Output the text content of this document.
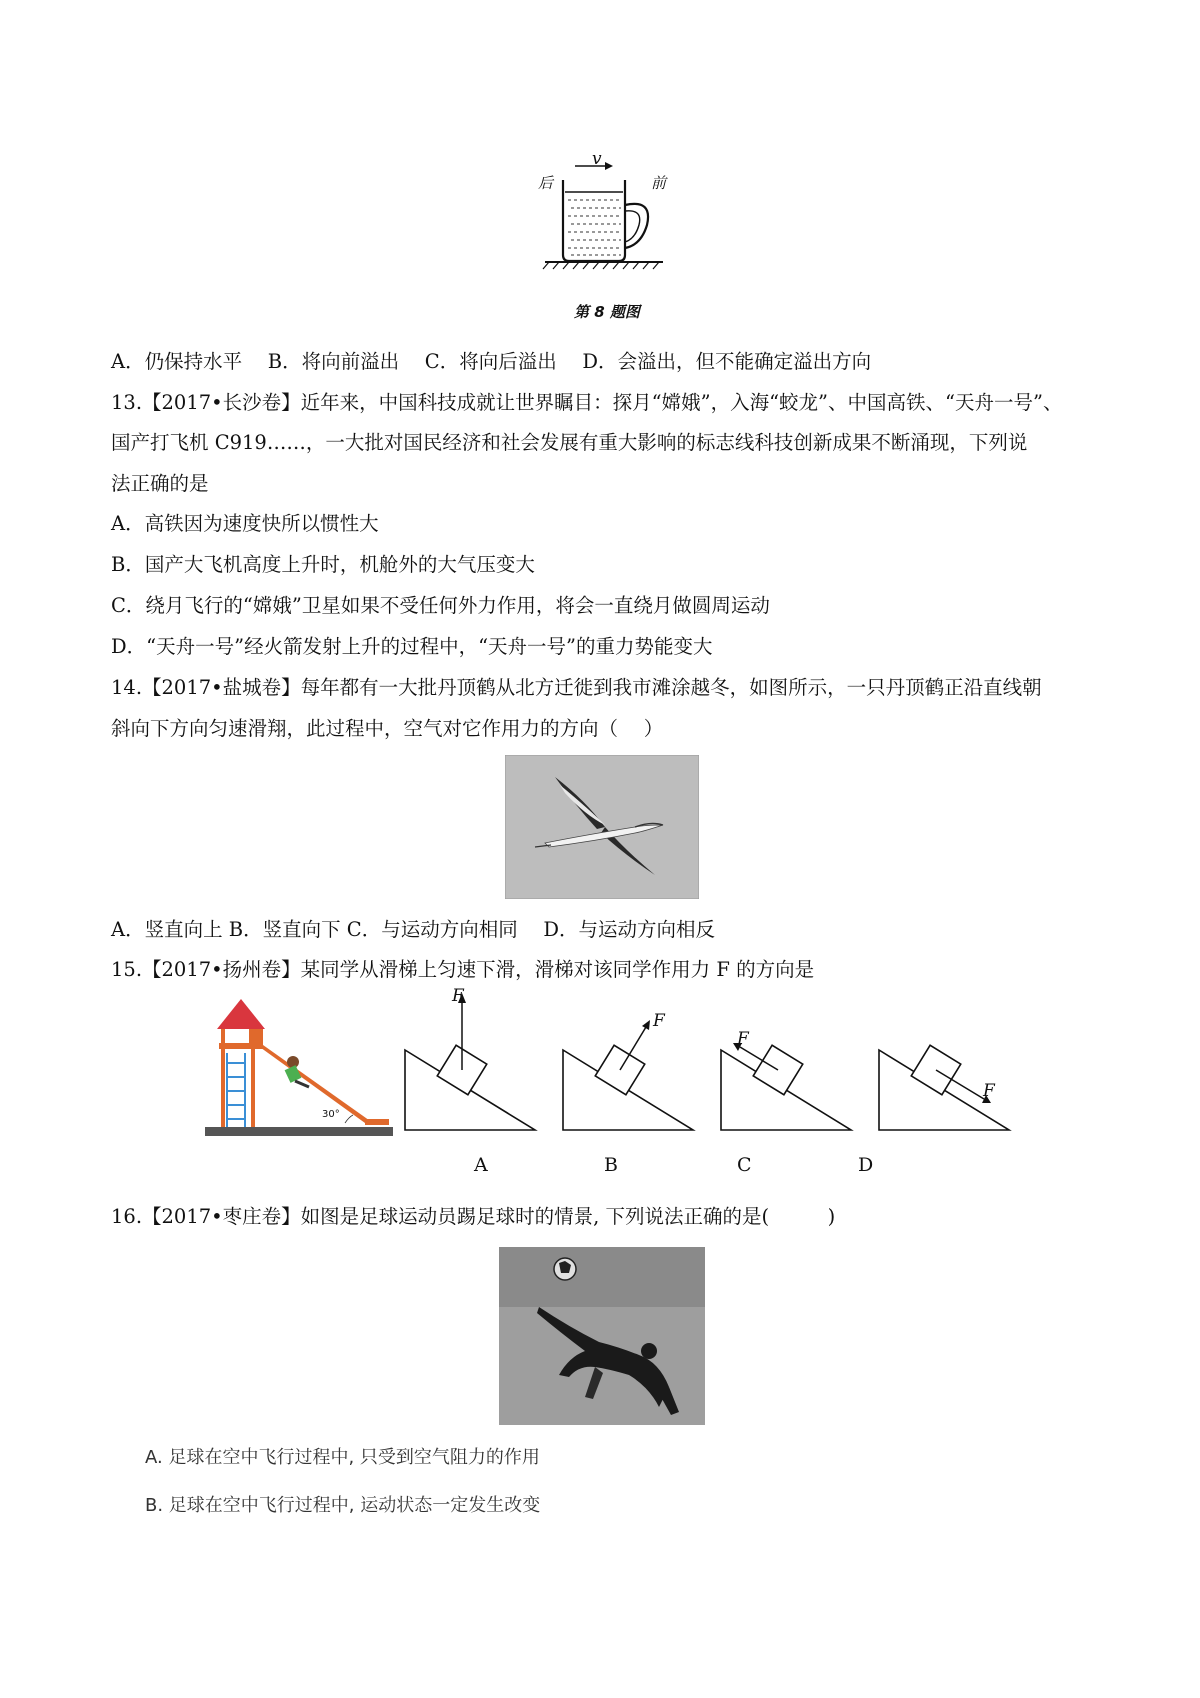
后	前
v
第 8 题图
A．仍保持水平　 B．将向前溢出　 C．将向后溢出　 D．会溢出，但不能确定溢出方向
13.【2017•长沙卷】近年来，中国科技成就让世界瞩目：探月“嫦娥”，入海“蛟龙”、中国高铁、“天舟一号”、
国产打飞机 C919……，一大批对国民经济和社会发展有重大影响的标志线科技创新成果不断涌现，下列说
法正确的是
A．高铁因为速度快所以惯性大
B．国产大飞机高度上升时，机舱外的大气压变大
C．绕月飞行的“嫦娥”卫星如果不受任何外力作用，将会一直绕月做圆周运动
D．“天舟一号”经火箭发射上升的过程中，“天舟一号”的重力势能变大
14.【2017•盐城卷】每年都有一大批丹顶鹤从北方迁徙到我市滩涂越冬，如图所示，一只丹顶鹤正沿直线朝
斜向下方向匀速滑翔，此过程中，空气对它作用力的方向（　 ）
A．竖直向上 B．竖直向下 C．与运动方向相同　 D．与运动方向相反
15.【2017•扬州卷】某同学从滑梯上匀速下滑，滑梯对该同学作用力 F 的方向是
30°
F
F
F
F
A	B	C	D
16.【2017•枣庄卷】如图是足球运动员踢足球时的情景, 下列说法正确的是(　　　)
A. 足球在空中飞行过程中, 只受到空气阻力的作用
B. 足球在空中飞行过程中, 运动状态一定发生改变
